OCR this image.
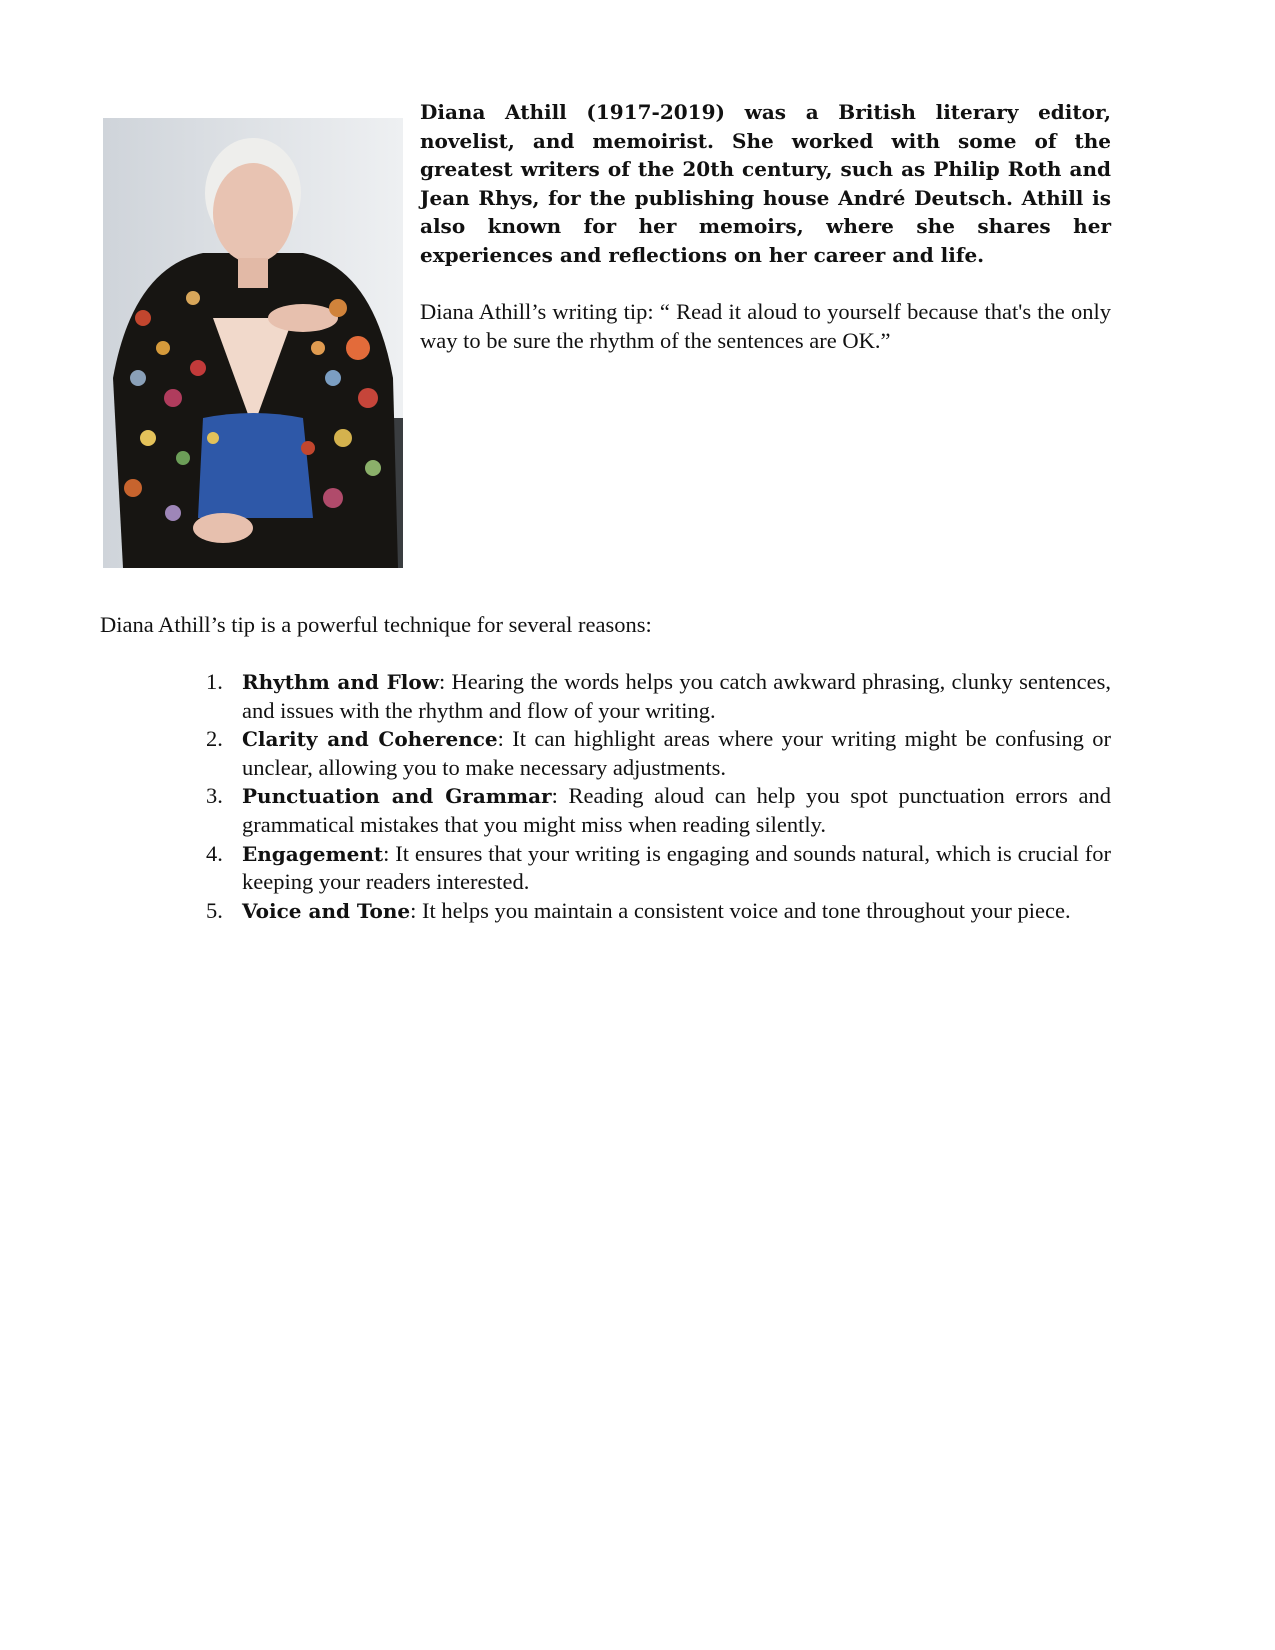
Diana Athill (1917-2019) was a British literary editor, novelist, and memoirist. She worked with some of the greatest writers of the 20th century, such as Philip Roth and Jean Rhys, for the publishing house André Deutsch. Athill is also known for her memoirs, where she shares her experiences and reflections on her career and life.

Diana Athill’s writing tip: “ Read it aloud to yourself because that's the only way to be sure the rhythm of the sentences are OK.”

Diana Athill’s tip is a powerful technique for several reasons:

1. Rhythm and Flow: Hearing the words helps you catch awkward phrasing, clunky sentences, and issues with the rhythm and flow of your writing.
2. Clarity and Coherence: It can highlight areas where your writing might be confusing or unclear, allowing you to make necessary adjustments.
3. Punctuation and Grammar: Reading aloud can help you spot punctuation errors and grammatical mistakes that you might miss when reading silently.
4. Engagement: It ensures that your writing is engaging and sounds natural, which is crucial for keeping your readers interested.
5. Voice and Tone: It helps you maintain a consistent voice and tone throughout your piece.
